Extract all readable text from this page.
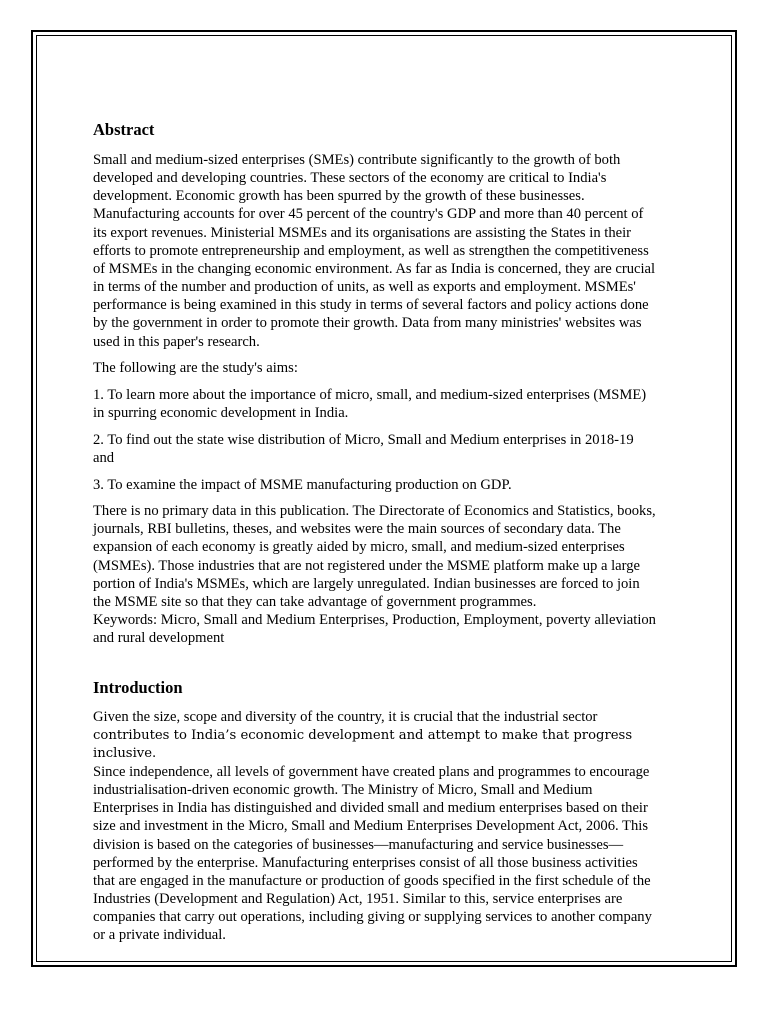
Abstract

Small and medium-sized enterprises (SMEs) contribute significantly to the growth of both developed and developing countries. These sectors of the economy are critical to India's development. Economic growth has been spurred by the growth of these businesses. Manufacturing accounts for over 45 percent of the country's GDP and more than 40 percent of its export revenues. Ministerial MSMEs and its organisations are assisting the States in their efforts to promote entrepreneurship and employment, as well as strengthen the competitiveness of MSMEs in the changing economic environment. As far as India is concerned, they are crucial in terms of the number and production of units, as well as exports and employment. MSMEs' performance is being examined in this study in terms of several factors and policy actions done by the government in order to promote their growth. Data from many ministries' websites was used in this paper's research.

The following are the study's aims:

1. To learn more about the importance of micro, small, and medium-sized enterprises (MSME) in spurring economic development in India.

2. To find out the state wise distribution of Micro, Small and Medium enterprises in 2018-19 and

3. To examine the impact of MSME manufacturing production on GDP.

There is no primary data in this publication. The Directorate of Economics and Statistics, books, journals, RBI bulletins, theses, and websites were the main sources of secondary data. The expansion of each economy is greatly aided by micro, small, and medium-sized enterprises (MSMEs). Those industries that are not registered under the MSME platform make up a large portion of India's MSMEs, which are largely unregulated. Indian businesses are forced to join the MSME site so that they can take advantage of government programmes.

Keywords: Micro, Small and Medium Enterprises, Production, Employment, poverty alleviation and rural development

Introduction

Given the size, scope and diversity of the country, it is crucial that the industrial sector
contributes to India’s economic development and attempt to make that progress inclusive.
Since independence, all levels of government have created plans and programmes to encourage industrialisation-driven economic growth. The Ministry of Micro, Small and Medium Enterprises in India has distinguished and divided small and medium enterprises based on their size and investment in the Micro, Small and Medium Enterprises Development Act, 2006. This division is based on the categories of businesses—manufacturing and service businesses—performed by the enterprise. Manufacturing enterprises consist of all those business activities that are engaged in the manufacture or production of goods specified in the first schedule of the Industries (Development and Regulation) Act, 1951. Similar to this, service enterprises are companies that carry out operations, including giving or supplying services to another company or a private individual.
